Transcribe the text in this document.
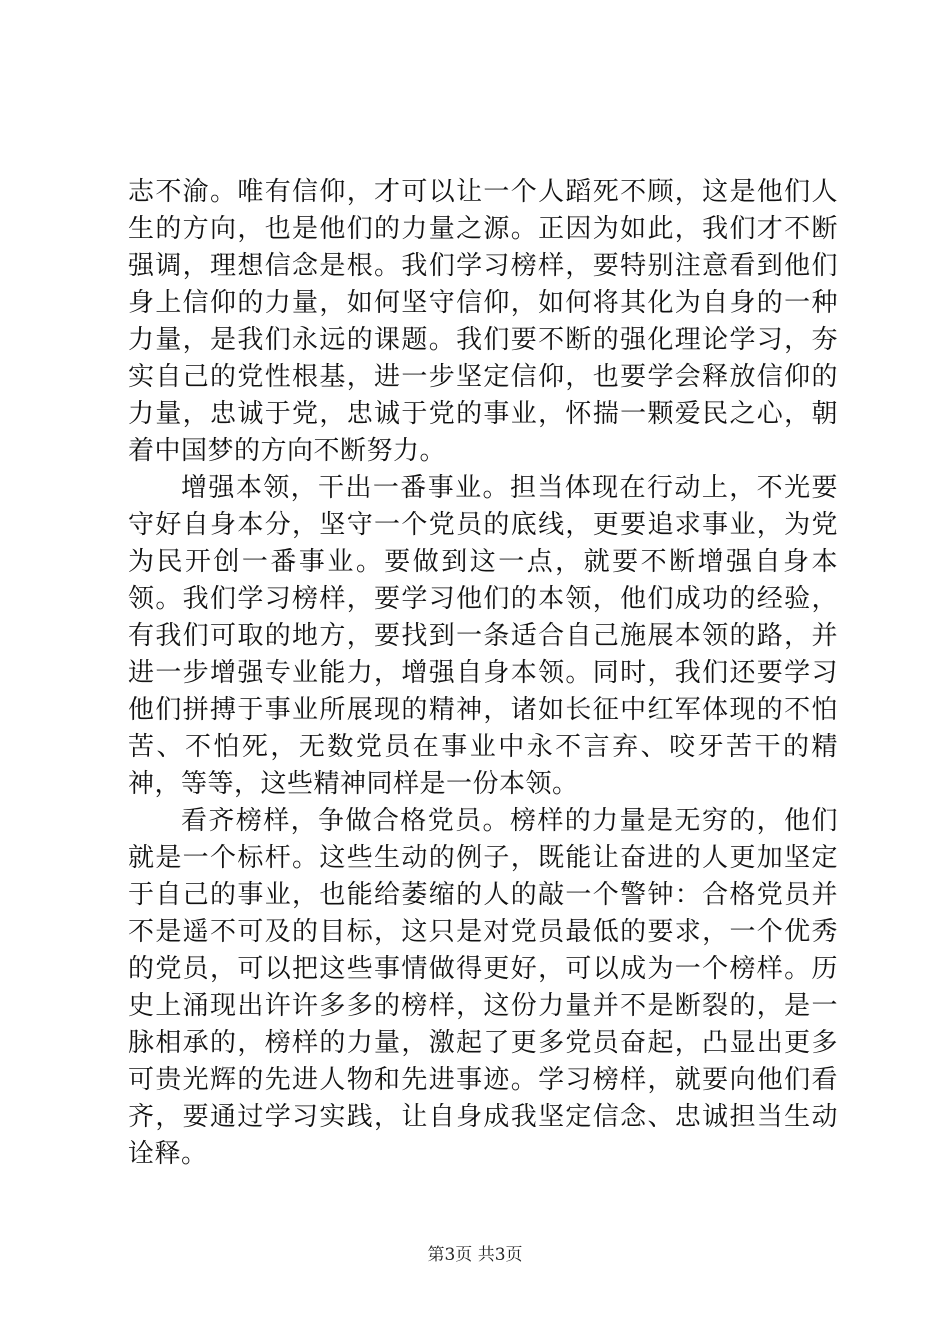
志不渝。唯有信仰，才可以让一个人蹈死不顾，这是他们人生的方向，也是他们的力量之源。正因为如此，我们才不断强调，理想信念是根。我们学习榜样，要特别注意看到他们身上信仰的力量，如何坚守信仰，如何将其化为自身的一种力量，是我们永远的课题。我们要不断的强化理论学习，夯实自己的党性根基，进一步坚定信仰，也要学会释放信仰的力量，忠诚于党，忠诚于党的事业，怀揣一颗爱民之心，朝着中国梦的方向不断努力。

增强本领，干出一番事业。担当体现在行动上，不光要守好自身本分，坚守一个党员的底线，更要追求事业，为党为民开创一番事业。要做到这一点，就要不断增强自身本领。我们学习榜样，要学习他们的本领，他们成功的经验，有我们可取的地方，要找到一条适合自己施展本领的路，并进一步增强专业能力，增强自身本领。同时，我们还要学习他们拼搏于事业所展现的精神，诸如长征中红军体现的不怕苦、不怕死，无数党员在事业中永不言弃、咬牙苦干的精神，等等，这些精神同样是一份本领。

看齐榜样，争做合格党员。榜样的力量是无穷的，他们就是一个标杆。这些生动的例子，既能让奋进的人更加坚定于自己的事业，也能给萎缩的人的敲一个警钟：合格党员并不是遥不可及的目标，这只是对党员最低的要求，一个优秀的党员，可以把这些事情做得更好，可以成为一个榜样。历史上涌现出许许多多的榜样，这份力量并不是断裂的，是一脉相承的，榜样的力量，激起了更多党员奋起，凸显出更多可贵光辉的先进人物和先进事迹。学习榜样，就要向他们看齐，要通过学习实践，让自身成我坚定信念、忠诚担当生动诠释。

第3页 共3页
